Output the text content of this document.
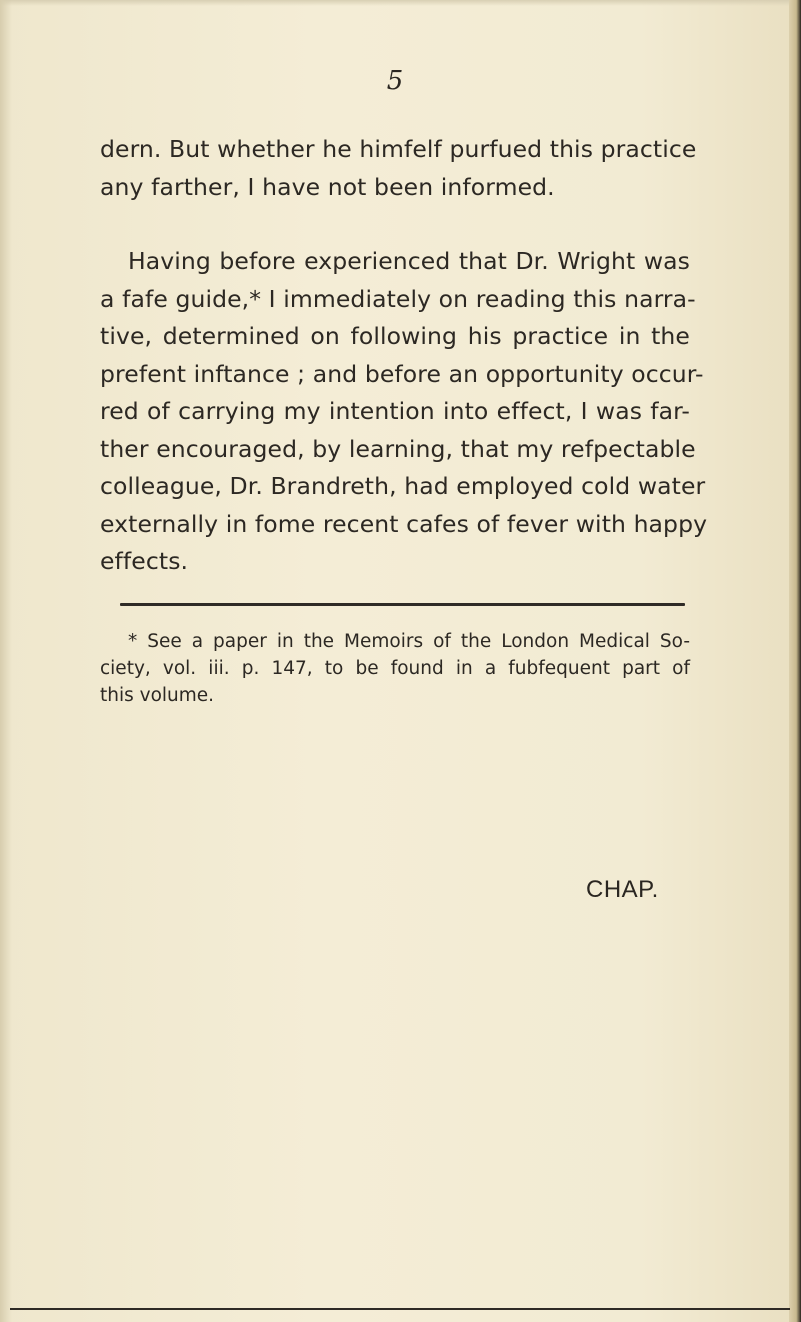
5
dern. But whether he himfelf purfued this practice
any farther, I have not been informed.
Having before experienced that Dr. Wright was
a fafe guide,* I immediately on reading this narra-
tive, determined on following his practice in the
prefent inftance ; and before an opportunity occur-
red of carrying my intention into effect, I was far-
ther encouraged, by learning, that my refpectable
colleague, Dr. Brandreth, had employed cold water
externally in fome recent cafes of fever with happy
effects.
* See a paper in the Memoirs of the London Medical So-
ciety, vol. iii. p. 147, to be found in a fubfequent part of
this volume.
CHAP.
